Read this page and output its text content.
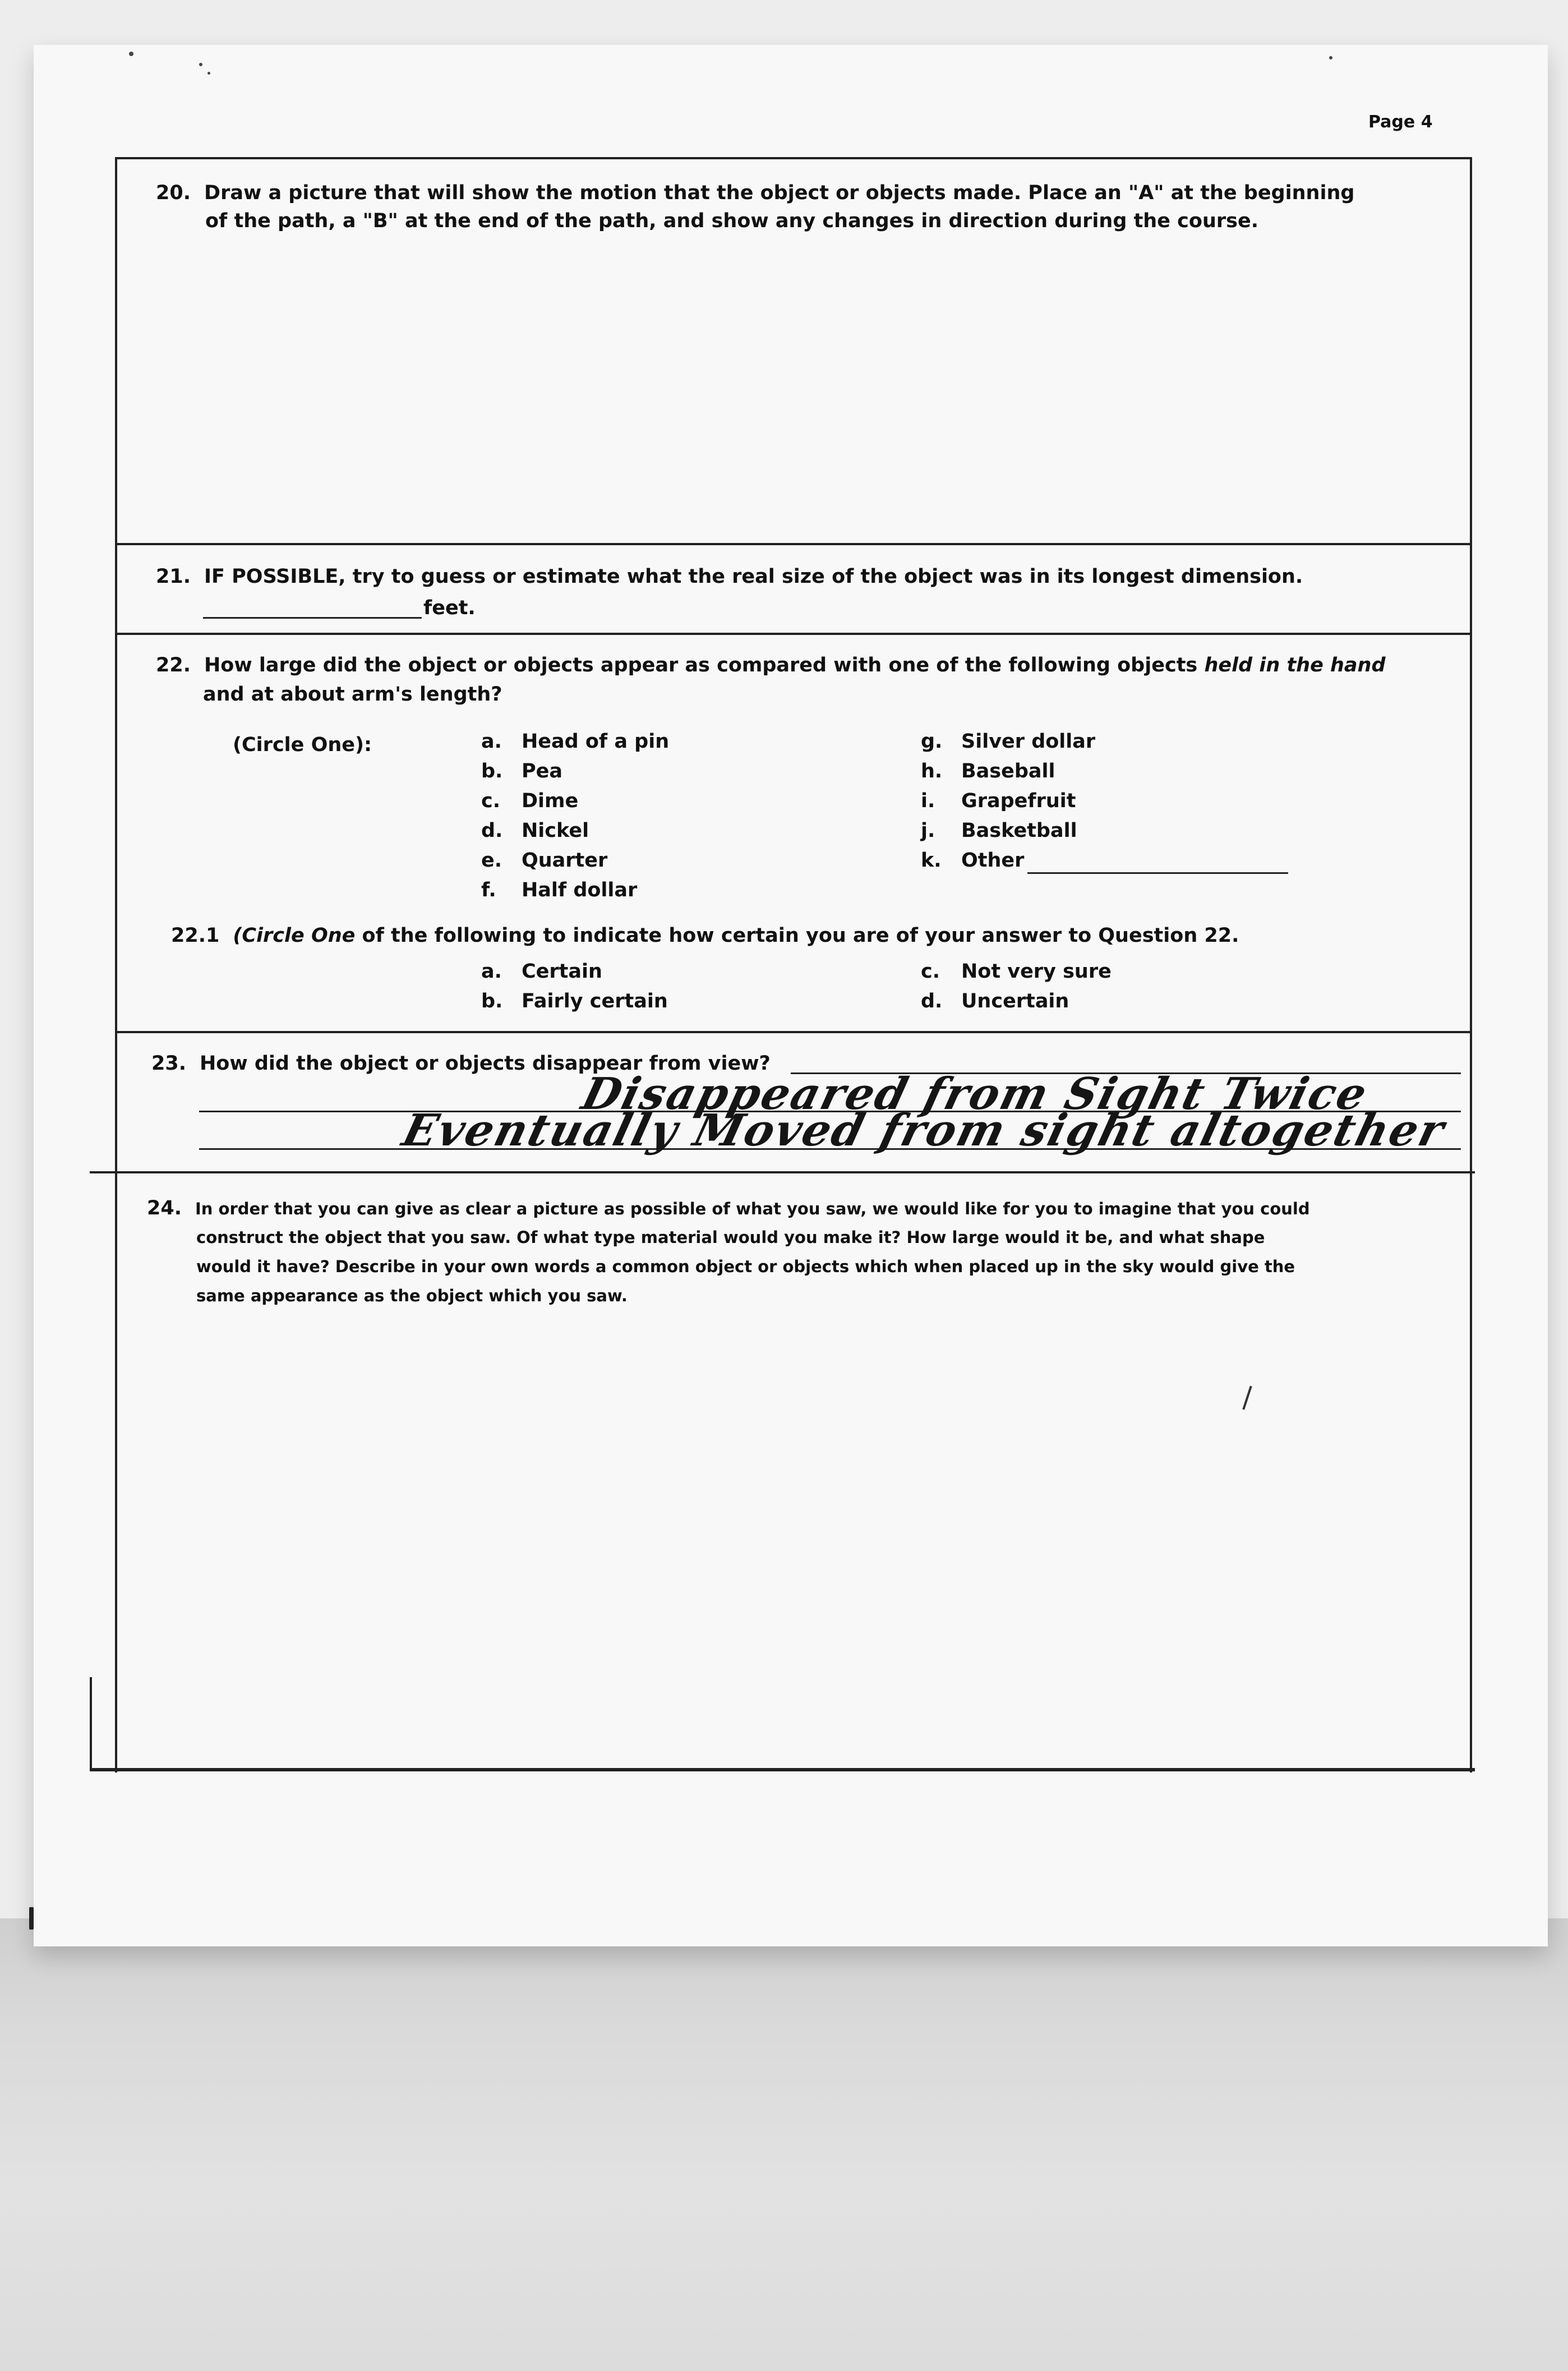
Page 4
20. Draw a picture that will show the motion that the object or objects made. Place an "A" at the beginning
of the path, a "B" at the end of the path, and show any changes in direction during the course.
21. IF POSSIBLE, try to guess or estimate what the real size of the object was in its longest dimension.
feet.
22. How large did the object or objects appear as compared with one of the following objects held in the hand
and at about arm's length?
(Circle One):	a. Head of a pin
b. Pea
c. Dime
d. Nickel
e. Quarter
f. Half dollar
g. Silver dollar
h. Baseball
i. Grapefruit
j. Basketball
k. Other
22.1 (Circle One of the following to indicate how certain you are of your answer to Question 22.
a. Certain
b. Fairly certain
c. Not very sure
d. Uncertain
23. How did the object or objects disappear from view?
Disappeared from Sight Twice
Eventually Moved from sight altogether
24. In order that you can give as clear a picture as possible of what you saw, we would like for you to imagine that you could
construct the object that you saw. Of what type material would you make it? How large would it be, and what shape
would it have? Describe in your own words a common object or objects which when placed up in the sky would give the
same appearance as the object which you saw.
